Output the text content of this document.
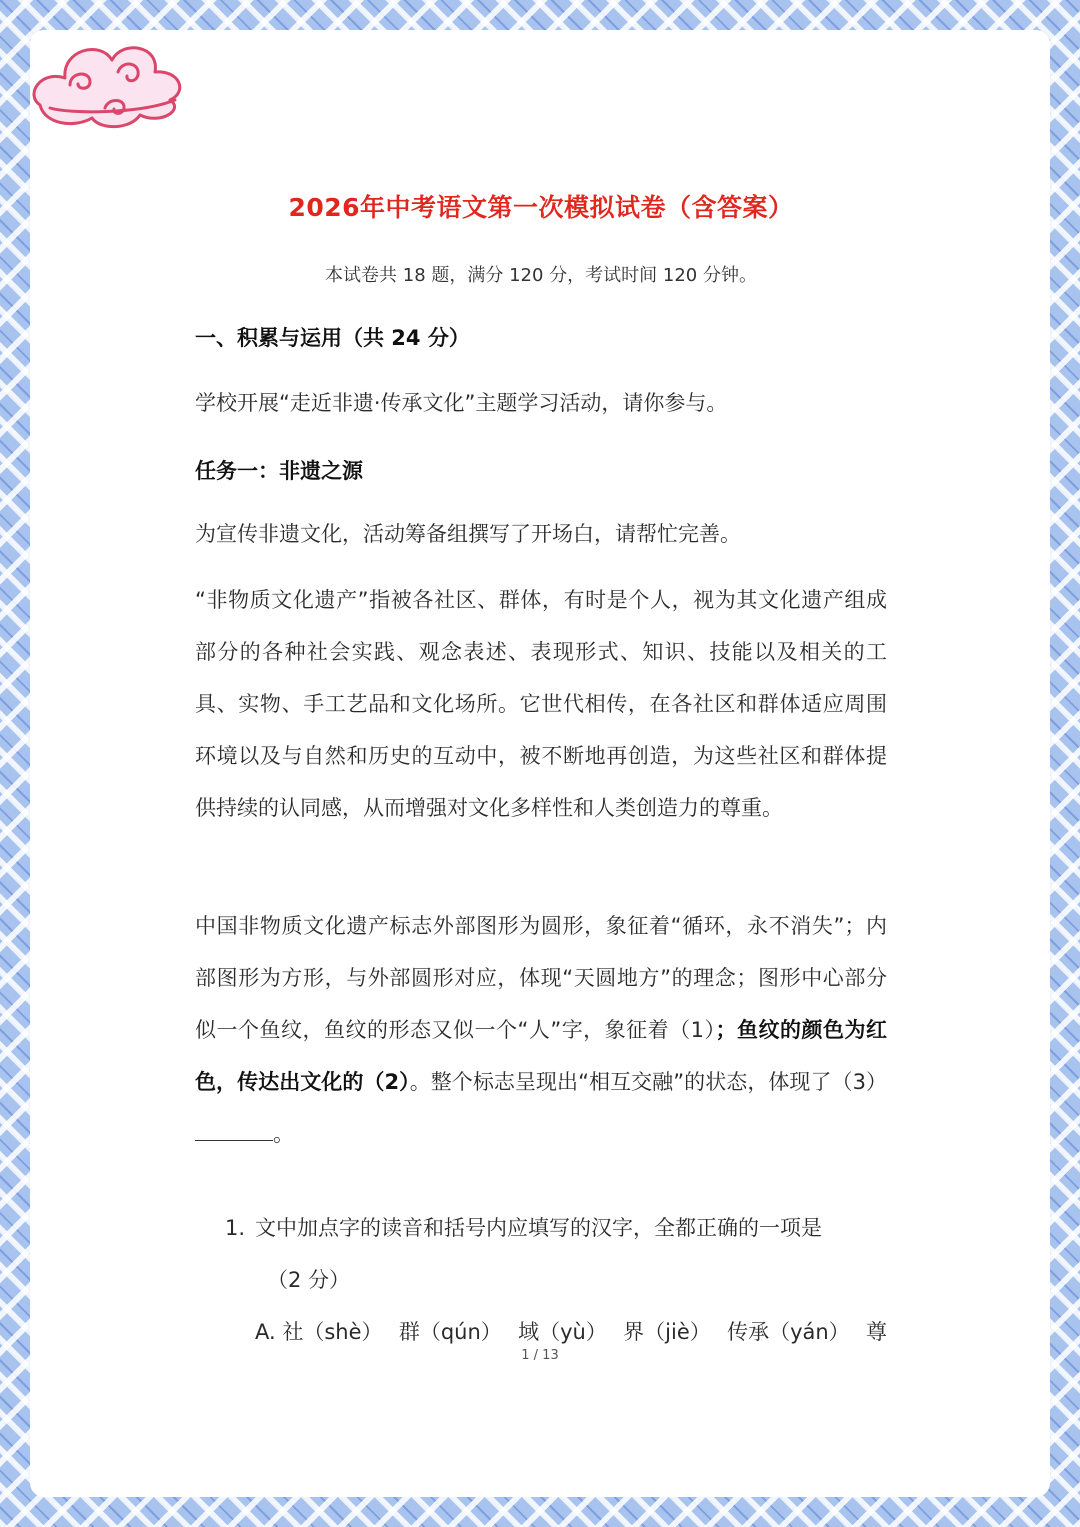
2026年中考语文第一次模拟试卷（含答案）
本试卷共 18 题，满分 120 分，考试时间 120 分钟。
一、积累与运用（共 24 分）
学校开展“走近非遗·传承文化”主题学习活动，请你参与。
任务一：非遗之源
为宣传非遗文化，活动筹备组撰写了开场白，请帮忙完善。
“非物质文化遗产”指被各社区、群体，有时是个人，视为其文化遗产组成部分的各种社会实践、观念表述、表现形式、知识、技能以及相关的工具、实物、手工艺品和文化场所。它世代相传，在各社区和群体适应周围环境以及与自然和历史的互动中，被不断地再创造，为这些社区和群体提供持续的认同感，从而增强对文化多样性和人类创造力的尊重。
中国非物质文化遗产标志外部图形为圆形，象征着“循环，永不消失”；内部图形为方形，与外部圆形对应，体现“天圆地方”的理念；图形中心部分似一个鱼纹，鱼纹的形态又似一个“人”字，象征着（1）；鱼纹的颜色为红色，传达出文化的（2）。整个标志呈现出“相互交融”的状态，体现了（3）。
1. 文中加点字的读音和括号内应填写的汉字，全都正确的一项是
（2 分）
A. 社（shè） 群（qún） 域（yù） 界（jiè） 传承（yán） 尊
1 / 13
